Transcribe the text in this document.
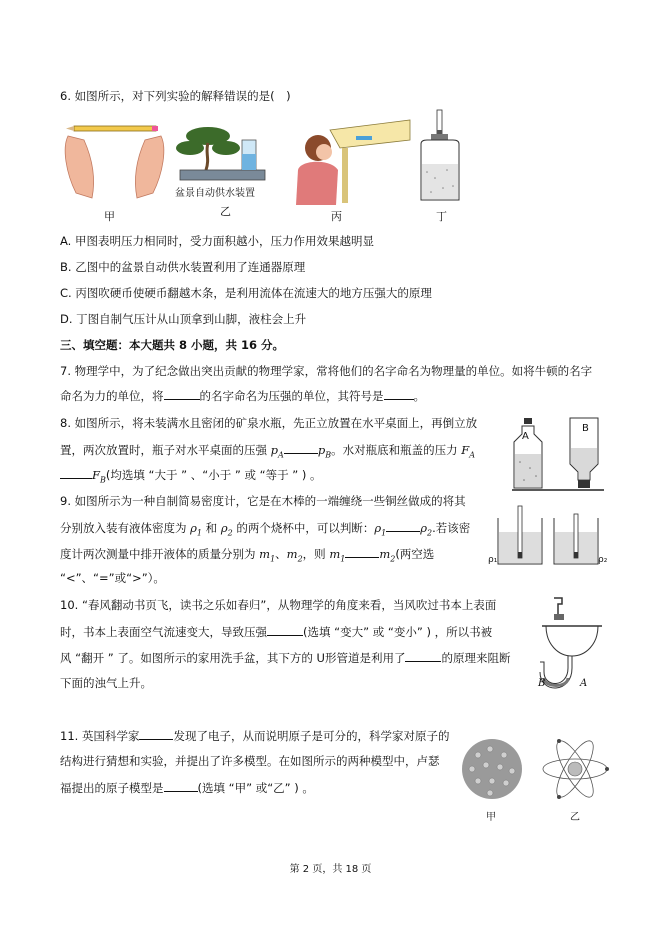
6. 如图所示，对下列实验的解释错误的是(　)
甲
盆景自动供水装置
乙	丙	丁
A. 甲图表明压力相同时，受力面积越小，压力作用效果越明显
B. 乙图中的盆景自动供水装置利用了连通器原理
C. 丙图吹硬币使硬币翻越木条，是利用流体在流速大的地方压强大的原理
D. 丁图自制气压计从山顶拿到山脚，液柱会上升
三、填空题：本大题共 8 小题，共 16 分。
7. 物理学中，为了纪念做出突出贡献的物理学家，常将他们的名字命名为物理量的单位。如将牛顿的名字
命名为力的单位，将	的名字命名为压强的单位，其符号是	。
8. 如图所示，将未装满水且密闭的矿泉水瓶，先正立放置在水平桌面上，再倒立放
置，两次放置时，瓶子对水平桌面的压强 $p_A$	$p_B$。水对瓶底和瓶盖的压力 $F_A$
$F_B$(均选填 “大于 ” 、“小于 ” 或 “等于 ” ) 。
A
B
9. 如图所示为一种自制简易密度计，它是在木棒的一端缠绕一些铜丝做成的将其
分别放入装有液体密度为 $\rho_1$ 和 $\rho_2$ 的两个烧杯中，可以判断：$\rho_1$	$\rho_2$.若该密
度计两次测量中排开液体的质量分别为 $m_1$、$m_2$，则 $m_1$	$m_2$(两空选
“<”、“=”或“>”）。
ρ₁	ρ₂
10. “春风翻动书页飞，读书之乐如春归”，从物理学的角度来看，当风吹过书本上表面
时，书本上表面空气流速变大，导致压强	(选填 “变大” 或 “变小” ) ，所以书被
风 “翻开 ” 了。如图所示的家用洗手盆，其下方的 U形管道是利用了	的原理来阻断
下面的浊气上升。	B	A
11. 英国科学家	发现了电子，从而说明原子是可分的，科学家对原子的
结构进行猜想和实验，并提出了许多模型。在如图所示的两种模型中，卢瑟
福提出的原子模型是	(选填 “甲” 或“乙” ) 。
甲	乙
第 2 页，共 18 页
